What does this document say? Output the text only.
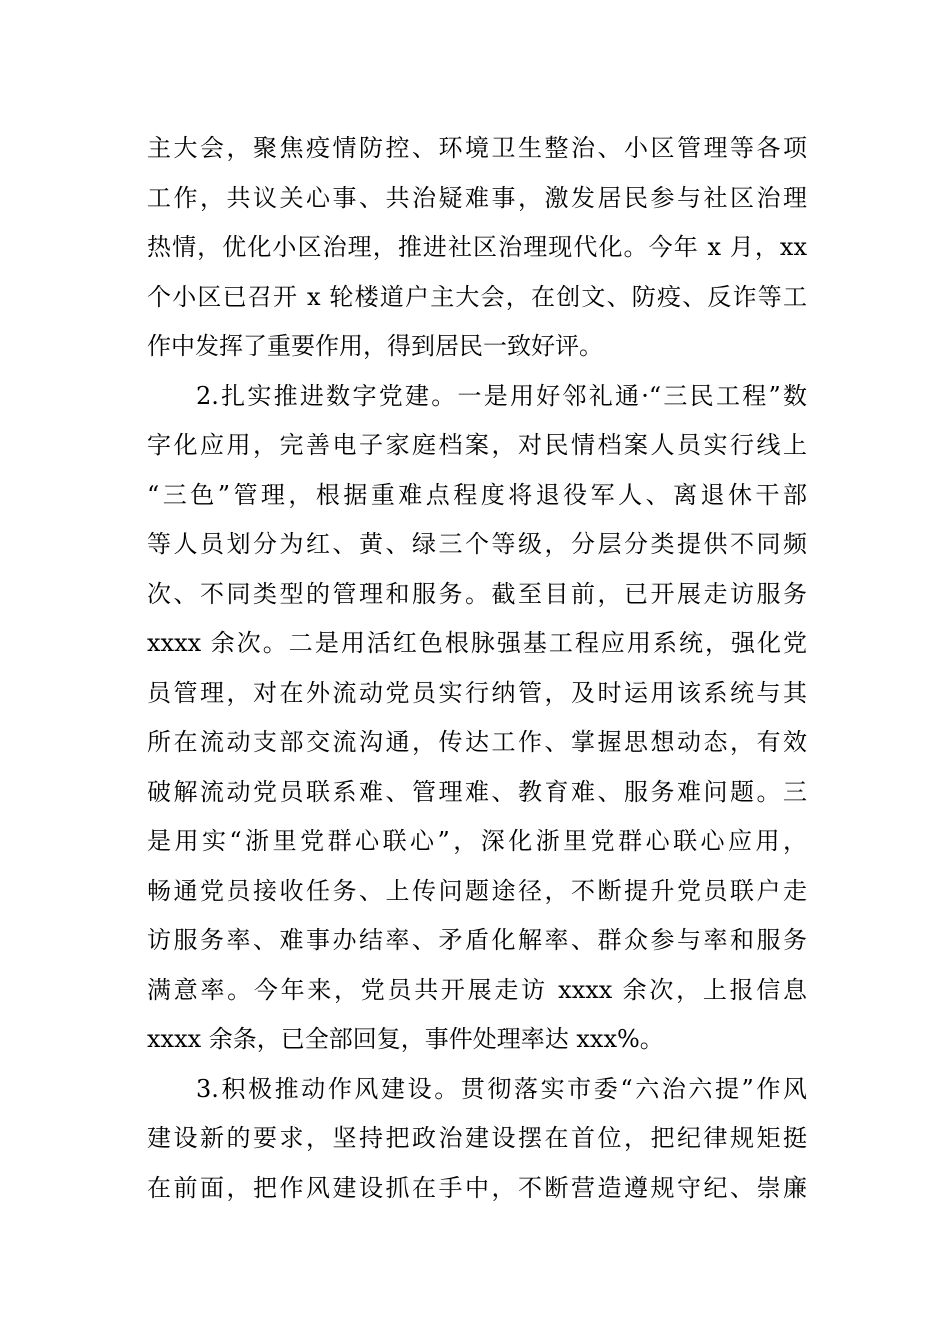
主大会，聚焦疫情防控、环境卫生整治、小区管理等各项
工作，共议关心事、共治疑难事，激发居民参与社区治理
热情，优化小区治理，推进社区治理现代化。今年 x 月，xx
个小区已召开 x 轮楼道户主大会，在创文、防疫、反诈等工
作中发挥了重要作用，得到居民一致好评。
2.扎实推进数字党建。一是用好邻礼通·“三民工程”数
字化应用，完善电子家庭档案，对民情档案人员实行线上
“三色”管理，根据重难点程度将退役军人、离退休干部
等人员划分为红、黄、绿三个等级，分层分类提供不同频
次、不同类型的管理和服务。截至目前，已开展走访服务
xxxx 余次。二是用活红色根脉强基工程应用系统，强化党
员管理，对在外流动党员实行纳管，及时运用该系统与其
所在流动支部交流沟通，传达工作、掌握思想动态，有效
破解流动党员联系难、管理难、教育难、服务难问题。三
是用实“浙里党群心联心”，深化浙里党群心联心应用，
畅通党员接收任务、上传问题途径，不断提升党员联户走
访服务率、难事办结率、矛盾化解率、群众参与率和服务
满意率。今年来，党员共开展走访 xxxx 余次，上报信息
xxxx 余条，已全部回复，事件处理率达 xxx%。
3.积极推动作风建设。贯彻落实市委“六治六提”作风
建设新的要求，坚持把政治建设摆在首位，把纪律规矩挺
在前面，把作风建设抓在手中，不断营造遵规守纪、崇廉
